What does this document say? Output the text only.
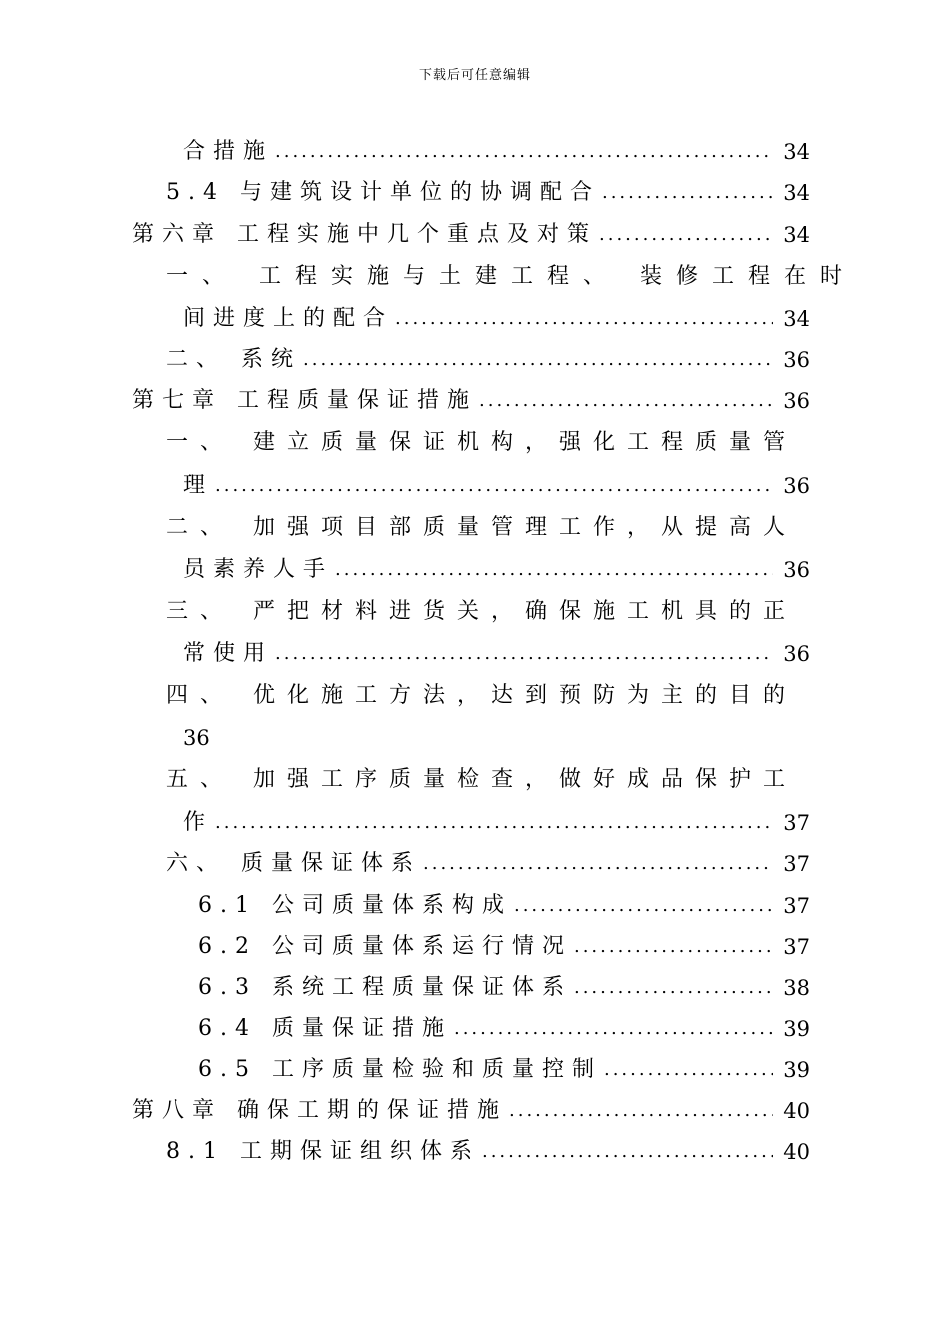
下载后可任意编辑
合措施 .....	34
5.4 与建筑设计单位的协调配合 .....	34
第六章 工程实施中几个重点及对策 .....	34
一、 工程实施与土建工程、 装修工程在时
间进度上的配合 .....	34
二、 系统 .....	36
第七章 工程质量保证措施 .....	36
一、 建立质量保证机构，强化工程质量管
理 .....	36
二、 加强项目部质量管理工作，从提高人
员素养人手 .....	36
三、 严把材料进货关，确保施工机具的正
常使用 .....	36
四、 优化施工方法，达到预防为主的目的
36
五、 加强工序质量检查，做好成品保护工
作 .....	37
六、 质量保证体系 .....	37
6.1 公司质量体系构成 .....	37
6.2 公司质量体系运行情况 .....	37
6.3 系统工程质量保证体系 .....	38
6.4 质量保证措施 .....	39
6.5 工序质量检验和质量控制 .....	39
第八章 确保工期的保证措施 .....	40
8.1 工期保证组织体系 .....	40
